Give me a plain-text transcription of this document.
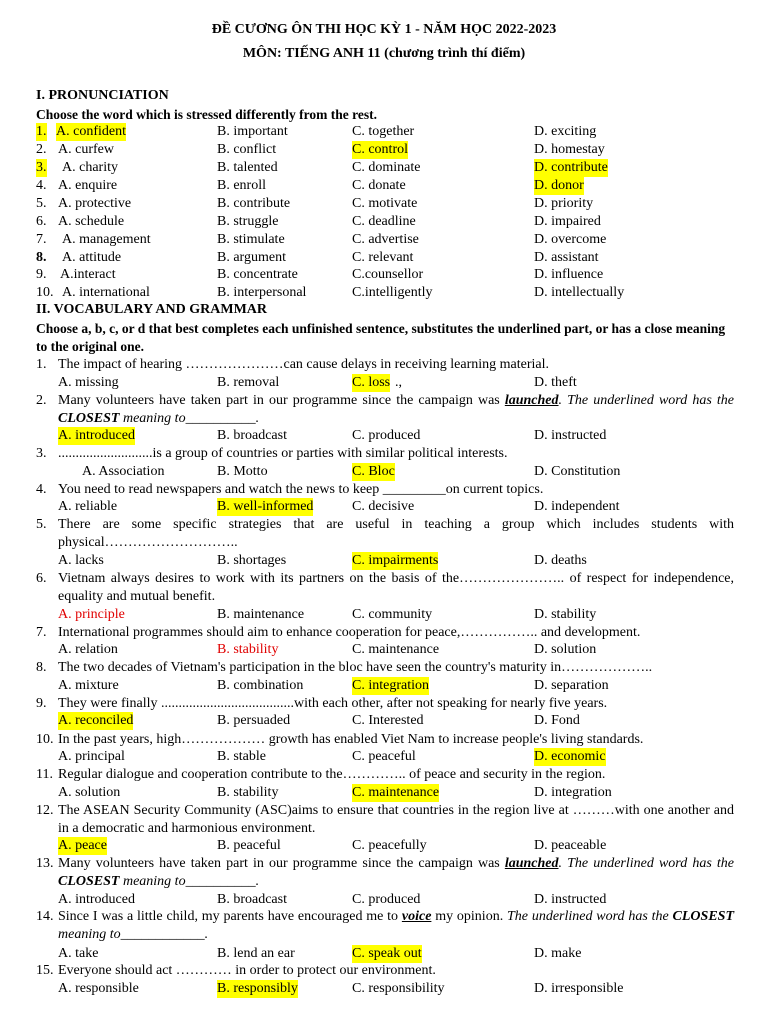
ĐỀ CƯƠNG ÔN THI HỌC KỲ 1 - NĂM HỌC 2022-2023
MÔN: TIẾNG ANH 11 (chương trình thí điểm)
I. PRONUNCIATION
Choose the word which is stressed differently from the rest.
1. A. confident	B. important	C. together	D. exciting
2. A. curfew	B. conflict	C. control	D. homestay
3. A. charity	B. talented	C. dominate	D. contribute
4. A. enquire	B. enroll	C. donate	D. donor
5. A. protective	B. contribute	C. motivate	D. priority
6. A. schedule	B. struggle	C. deadline	D. impaired
7. A. management	B. stimulate	C. advertise	D. overcome
8. A. attitude	B. argument	C. relevant	D. assistant
9. A.interact	B. concentrate	C.counsellor	D. influence
10. A. international	B. interpersonal	C.intelligently	D. intellectually
II. VOCABULARY AND GRAMMAR
Choose a, b, c, or d that best completes each unfinished sentence, substitutes the underlined part, or has a close meaning to the original one.
1. The impact of hearing …………………can cause delays in receiving learning material.
A. missing	B. removal	C. loss .,	D. theft
2. Many volunteers have taken part in our programme since the campaign was launched. The underlined word has the CLOSEST meaning to__________.
A. introduced	B. broadcast	C. produced	D. instructed
3. ...........................is a group of countries or parties with similar political interests.
A. Association	B. Motto	C. Bloc	D. Constitution
4. You need to read newspapers and watch the news to keep _________on current topics.
A. reliable	B. well-informed	C. decisive	D. independent
5. There are some specific strategies that are useful in teaching a group which includes students with physical………………………..
A. lacks	B. shortages	C. impairments	D. deaths
6. Vietnam always desires to work with its partners on the basis of the………………….. of respect for independence, equality and mutual benefit.
A. principle	B. maintenance	C. community	D. stability
7. International programmes should aim to enhance cooperation for peace,…………….. and development.
A. relation	B. stability	C. maintenance	D. solution
8. The two decades of Vietnam's participation in the bloc have seen the country's maturity in………………..
A. mixture	B. combination	C. integration	D. separation
9. They were finally ......................................with each other, after not speaking for nearly five years.
A. reconciled	B. persuaded	C. Interested	D. Fond
10. In the past years, high……………… growth has enabled Viet Nam to increase people's living standards.
A. principal	B. stable	C. peaceful	D. economic
11. Regular dialogue and cooperation contribute to the………….. of peace and security in the region.
A. solution	B. stability	C. maintenance	D. integration
12. The ASEAN Security Community (ASC)aims to ensure that countries in the region live at ………with one another and in a democratic and harmonious environment.
A. peace	B. peaceful	C. peacefully	D. peaceable
13. Many volunteers have taken part in our programme since the campaign was launched. The underlined word has the CLOSEST meaning to__________.
A. introduced	B. broadcast	C. produced	D. instructed
14. Since I was a little child, my parents have encouraged me to voice my opinion. The underlined word has the CLOSEST meaning to____________.
A. take	B. lend an ear	C. speak out	D. make
15. Everyone should act ………… in order to protect our environment.
A. responsible	B. responsibly	C. responsibility	D. irresponsible
